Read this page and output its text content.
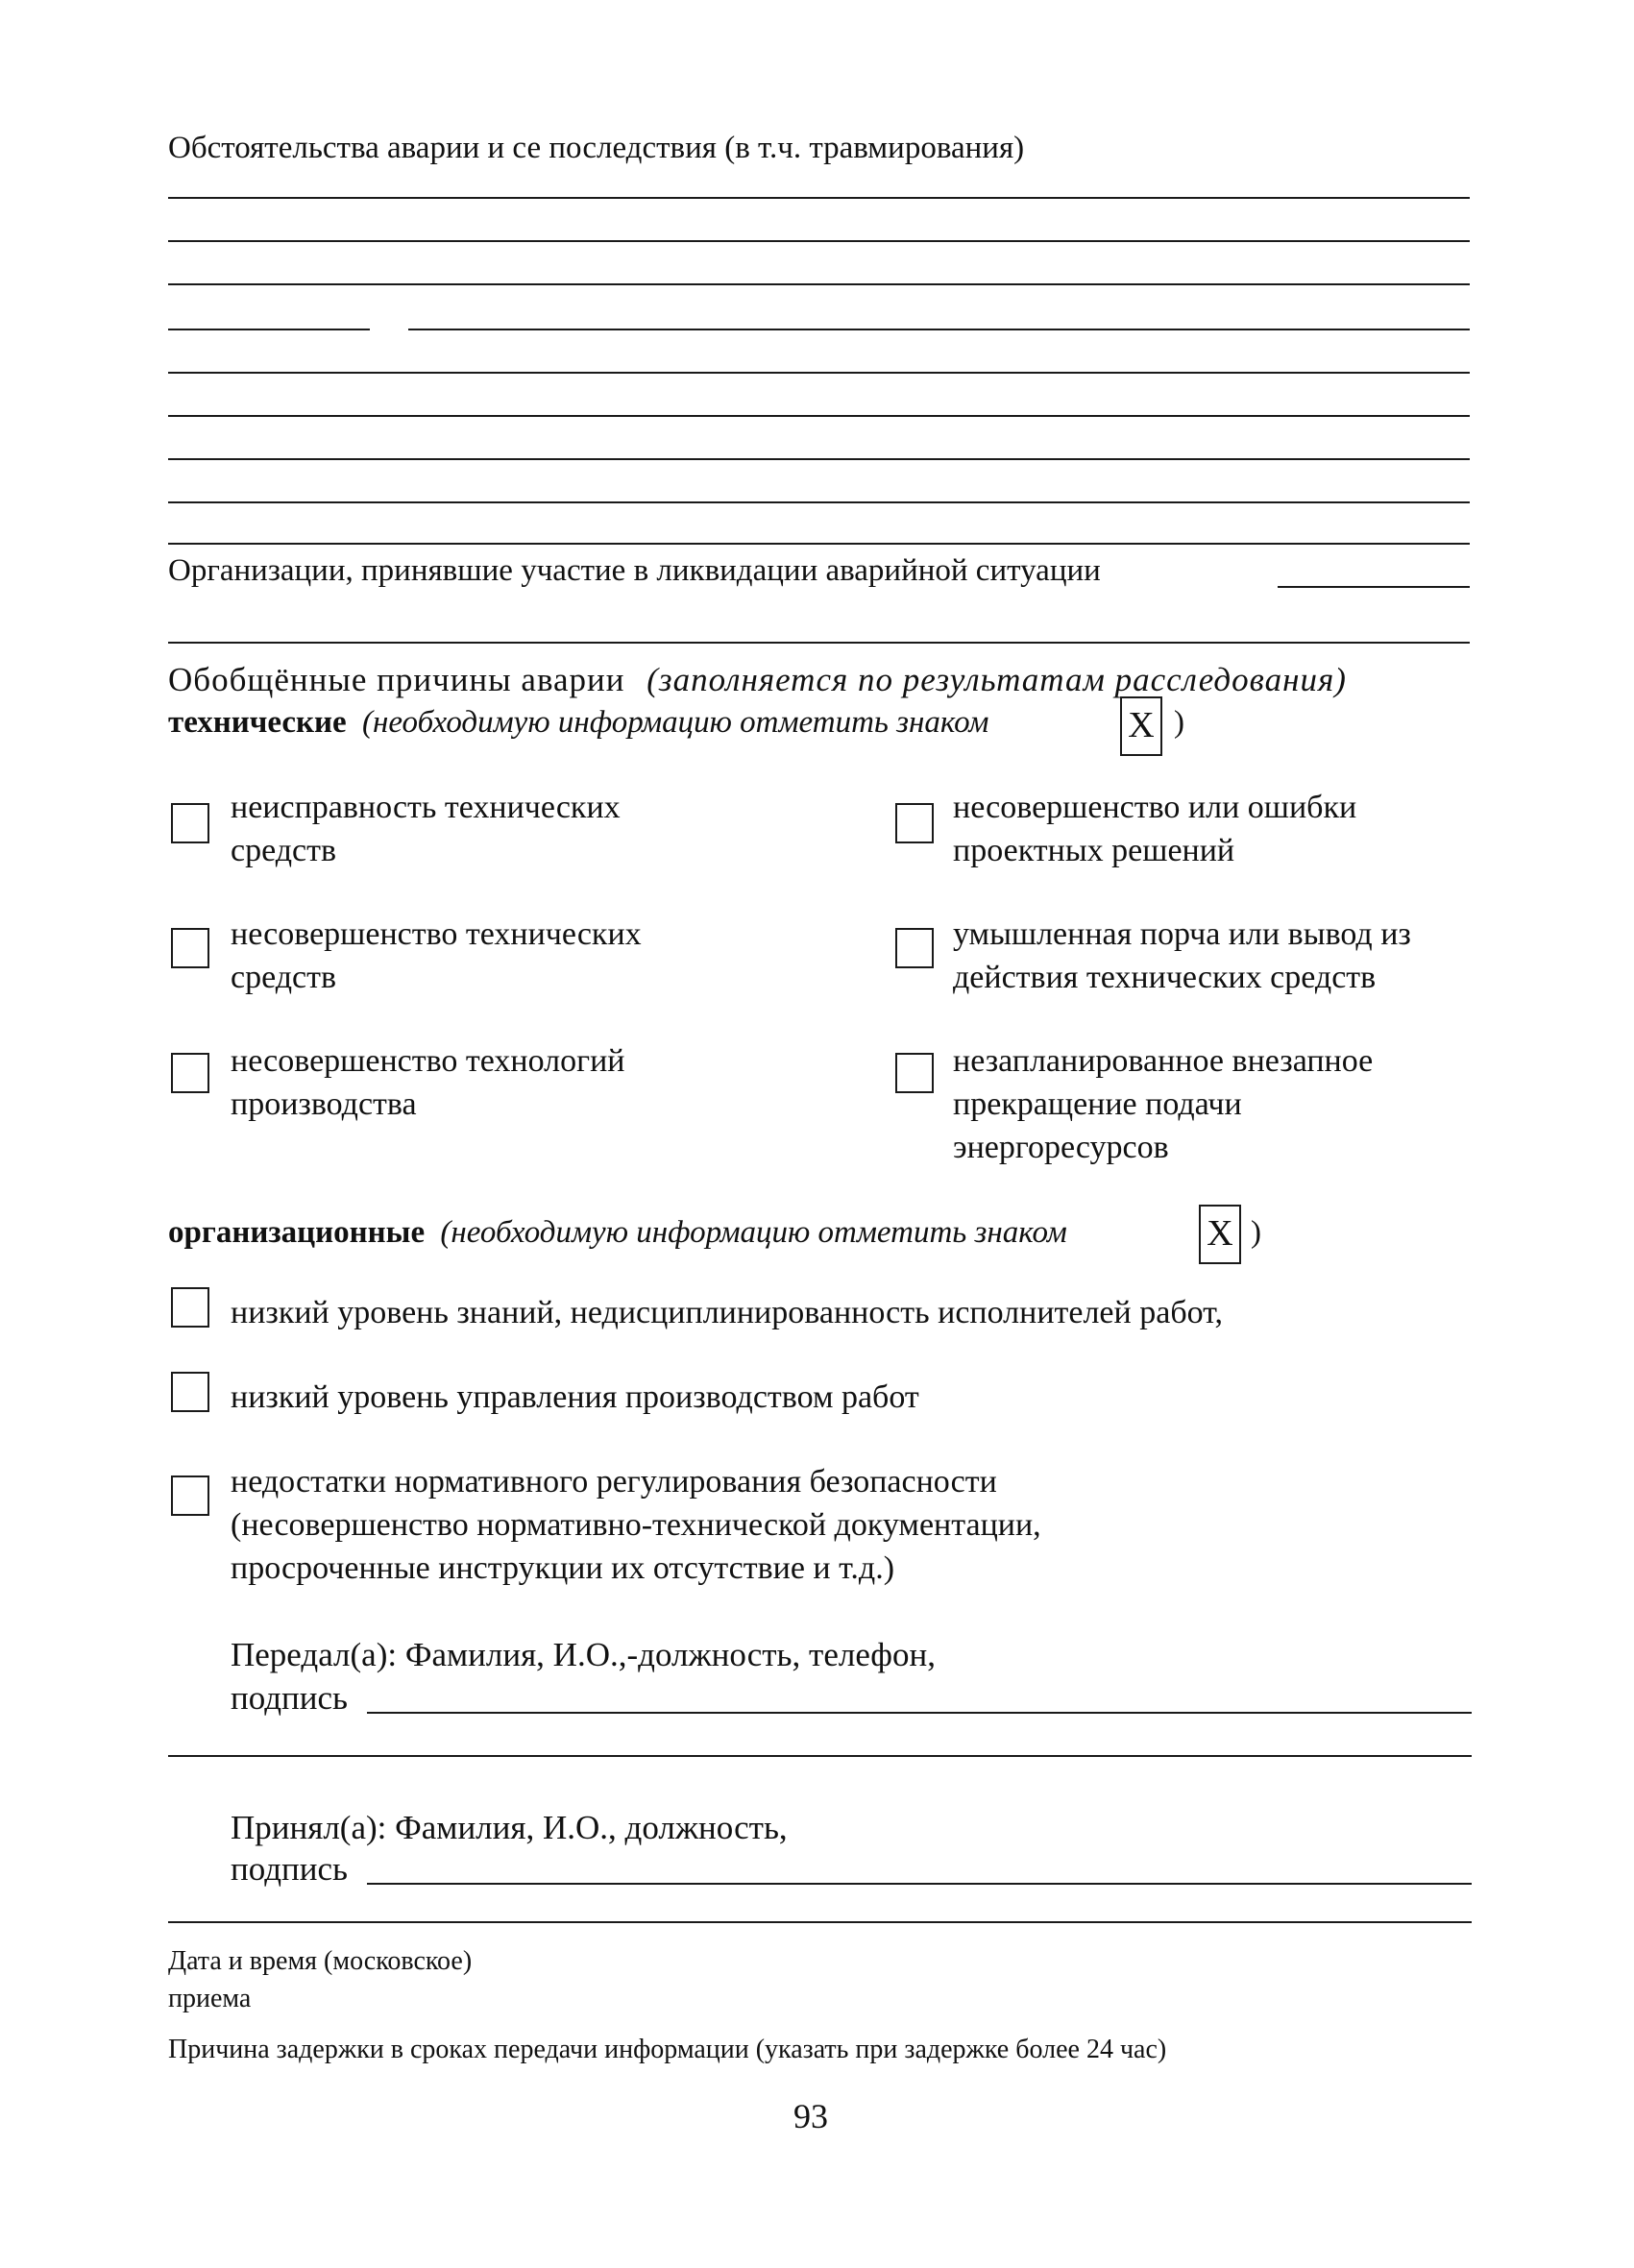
Обстоятельства аварии и се последствия (в т.ч. травмирования)
Организации, принявшие участие в ликвидации аварийной ситуации
Обобщённые причины аварии (заполняется по результатам расследования)
технические (необходимую информацию отметить знаком	X )
неисправность технических
средств
несовершенство технических
средств
несовершенство технологий
производства
несовершенство или ошибки
проектных решений
умышленная порча или вывод из
действия технических средств
незапланированное внезапное
прекращение подачи
энергоресурсов
организационные (необходимую информацию отметить знаком	X )
низкий уровень знаний, недисциплинированность исполнителей работ,
низкий уровень управления производством работ
недостатки нормативного регулирования безопасности
(несовершенство нормативно-технической документации,
просроченные инструкции их отсутствие и т.д.)
Передал(а): Фамилия, И.О.,-должность, телефон,
подпись
Принял(а): Фамилия, И.О., должность,
подпись
Дата и время (московское)
приема
Причина задержки в сроках передачи информации (указать при задержке более 24 час)
93
